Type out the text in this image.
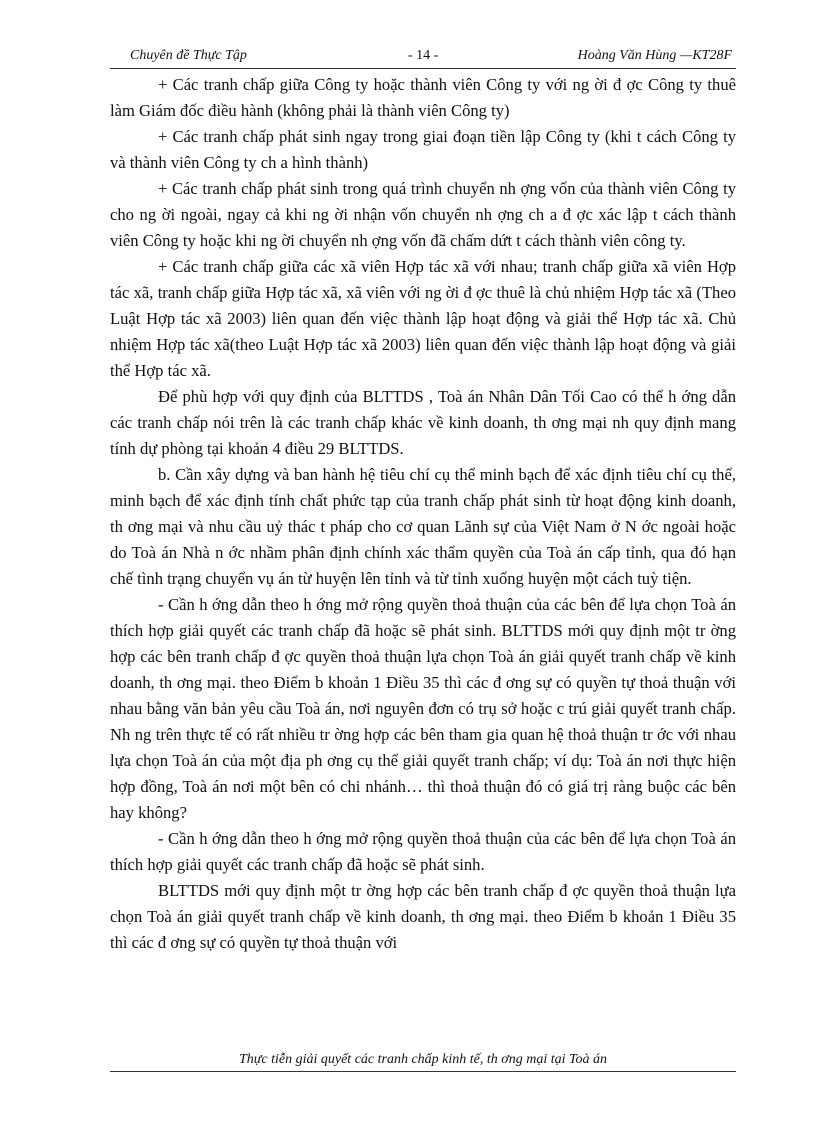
Chuyên đề Thực Tập	- 14 -	Hoàng Văn Hùng —KT28F

+ Các tranh chấp giữa Công ty hoặc thành viên Công ty với ng ời đ ợc Công ty thuê làm Giám đốc điều hành (không phải là thành viên Công ty)

+ Các tranh chấp phát sinh ngay trong giai đoạn tiền lập Công ty (khi t cách Công ty và thành viên Công ty ch a hình thành)

+ Các tranh chấp phát sinh trong quá trình chuyển nh ợng vốn của thành viên Công ty cho ng ời ngoài, ngay cả khi ng ời nhận vốn chuyển nh ợng ch a đ ợc xác lập t cách thành viên Công ty hoặc khi ng ời chuyển nh ợng vốn đã chấm dứt t cách thành viên công ty.

+ Các tranh chấp giữa các xã viên Hợp tác xã với nhau; tranh chấp giữa xã viên Hợp tác xã, tranh chấp giữa Hợp tác xã, xã viên với ng ời đ ợc thuê là chủ nhiệm Hợp tác xã (Theo Luật Hợp tác xã 2003) liên quan đến việc thành lập hoạt động và giải thể Hợp tác xã. Chủ nhiệm Hợp tác xã(theo Luật Hợp tác xã 2003) liên quan đến việc thành lập hoạt động và giải thể Hợp tác xã.

Để phù hợp với quy định của BLTTDS , Toà án Nhân Dân Tối Cao có thể h ớng dẫn các tranh chấp nói trên là các tranh chấp khác về kinh doanh, th ơng mại nh quy định mang tính dự phòng tại khoản 4 điều 29 BLTTDS.

b. Cần xây dựng và ban hành hệ tiêu chí cụ thể minh bạch để xác định tiêu chí cụ thể, minh bạch để xác định tính chất phức tạp của tranh chấp phát sinh từ hoạt động kinh doanh, th ơng mại và nhu cầu uỷ thác t pháp cho cơ quan Lãnh sự của Việt Nam ở N ớc ngoài hoặc do Toà án Nhà n ớc nhầm phân định chính xác thẩm quyền của Toà án cấp tỉnh, qua đó hạn chế tình trạng chuyển vụ án từ huyện lên tỉnh và từ tỉnh xuống huyện một cách tuỳ tiện.

- Cần h ớng dẫn theo h ớng mở rộng quyền thoả thuận của các bên để lựa chọn Toà án thích hợp giải quyết các tranh chấp đã hoặc sẽ phát sinh. BLTTDS mới quy định một tr ờng hợp các bên tranh chấp đ ợc quyền thoả thuận lựa chọn Toà án giải quyết tranh chấp về kinh doanh, th ơng mại. theo Điểm b khoản 1 Điều 35 thì các đ ơng sự có quyền tự thoả thuận với nhau bằng văn bản yêu cầu Toà án, nơi nguyên đơn có trụ sở hoặc c trú giải quyết tranh chấp. Nh ng trên thực tế có rất nhiều tr ờng hợp các bên tham gia quan hệ thoả thuận tr ớc với nhau lựa chọn Toà án của một địa ph ơng cụ thể giải quyết tranh chấp; ví dụ: Toà án nơi thực hiện hợp đồng, Toà án nơi một bên có chi nhánh… thì thoả thuận đó có giá trị ràng buộc các bên hay không?

- Cần h ớng dẫn theo h ớng mở rộng quyền thoả thuận của các bên để lựa chọn Toà án thích hợp giải quyết các tranh chấp đã hoặc sẽ phát sinh.

BLTTDS mới quy định một tr ờng hợp các bên tranh chấp đ ợc quyền thoả thuận lựa chọn Toà án giải quyết tranh chấp về kinh doanh, th ơng mại. theo Điểm b khoản 1 Điều 35 thì các đ ơng sự có quyền tự thoả thuận với

Thực tiễn giải quyết các tranh chấp kinh tế, th ơng mại tại Toà án
